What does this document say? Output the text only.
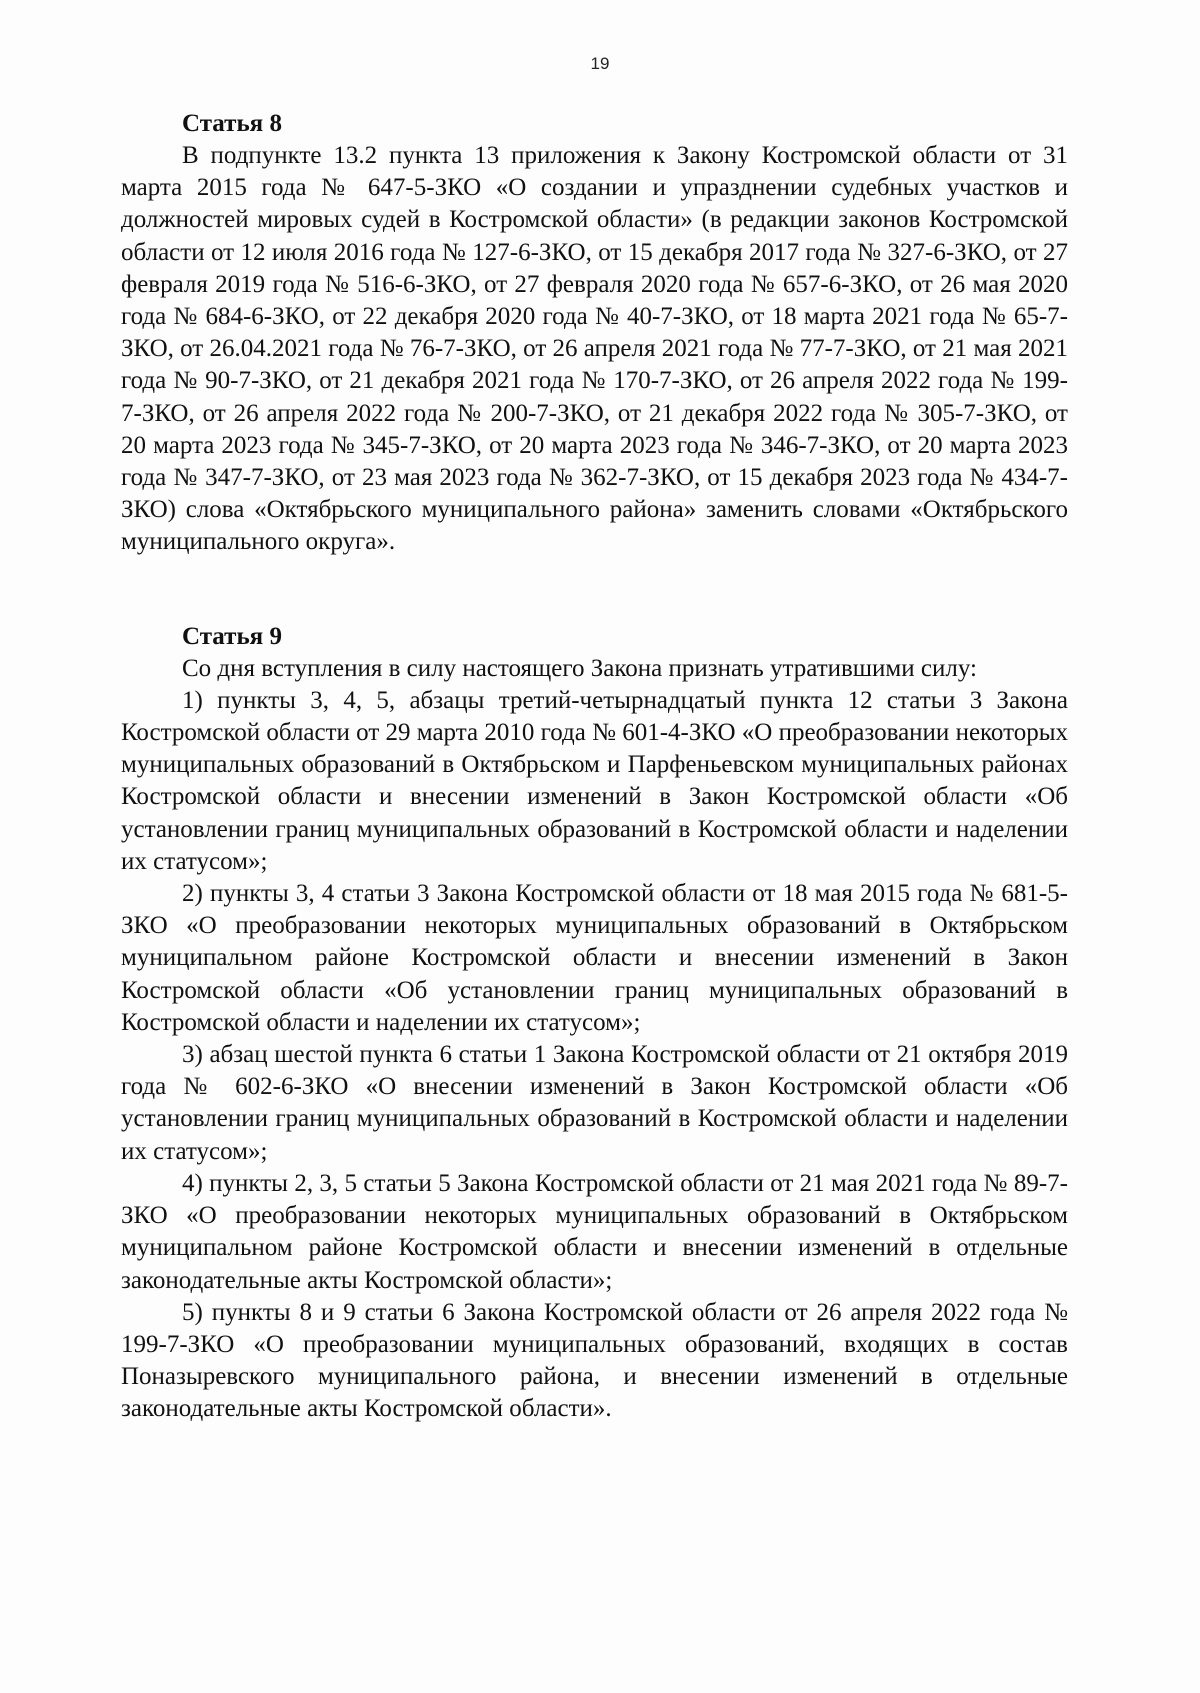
19

Статья 8

В подпункте 13.2 пункта 13 приложения к Закону Костромской области от 31 марта 2015 года № 647-5-ЗКО «О создании и упразднении судебных участков и должностей мировых судей в Костромской области» (в редакции законов Костромской области от 12 июля 2016 года № 127-6-ЗКО, от 15 декабря 2017 года № 327-6-ЗКО, от 27 февраля 2019 года № 516-6-ЗКО, от 27 февраля 2020 года № 657-6-ЗКО, от 26 мая 2020 года № 684-6-ЗКО, от 22 декабря 2020 года № 40-7-ЗКО, от 18 марта 2021 года № 65-7-ЗКО, от 26.04.2021 года № 76-7-ЗКО, от 26 апреля 2021 года № 77-7-ЗКО, от 21 мая 2021 года № 90-7-ЗКО, от 21 декабря 2021 года № 170-7-ЗКО, от 26 апреля 2022 года № 199-7-ЗКО, от 26 апреля 2022 года № 200-7-ЗКО, от 21 декабря 2022 года № 305-7-ЗКО, от 20 марта 2023 года № 345-7-ЗКО, от 20 марта 2023 года № 346-7-ЗКО, от 20 марта 2023 года № 347-7-ЗКО, от 23 мая 2023 года № 362-7-ЗКО, от 15 декабря 2023 года № 434-7-ЗКО) слова «Октябрьского муниципального района» заменить словами «Октябрьского муниципального округа».

Статья 9

Со дня вступления в силу настоящего Закона признать утратившими силу:

1) пункты 3, 4, 5, абзацы третий-четырнадцатый пункта 12 статьи 3 Закона Костромской области от 29 марта 2010 года № 601-4-ЗКО «О преобразовании некоторых муниципальных образований в Октябрьском и Парфеньевском муниципальных районах Костромской области и внесении изменений в Закон Костромской области «Об установлении границ муниципальных образований в Костромской области и наделении их статусом»;

2) пункты 3, 4 статьи 3 Закона Костромской области от 18 мая 2015 года № 681-5-ЗКО «О преобразовании некоторых муниципальных образований в Октябрьском муниципальном районе Костромской области и внесении изменений в Закон Костромской области «Об установлении границ муниципальных образований в Костромской области и наделении их статусом»;

3) абзац шестой пункта 6 статьи 1 Закона Костромской области от 21 октября 2019 года № 602-6-ЗКО «О внесении изменений в Закон Костромской области «Об установлении границ муниципальных образований в Костромской области и наделении их статусом»;

4) пункты 2, 3, 5 статьи 5 Закона Костромской области от 21 мая 2021 года № 89-7-ЗКО «О преобразовании некоторых муниципальных образований в Октябрьском муниципальном районе Костромской области и внесении изменений в отдельные законодательные акты Костромской области»;

5) пункты 8 и 9 статьи 6 Закона Костромской области от 26 апреля 2022 года № 199-7-ЗКО «О преобразовании муниципальных образований, входящих в состав Поназыревского муниципального района, и внесении изменений в отдельные законодательные акты Костромской области».
